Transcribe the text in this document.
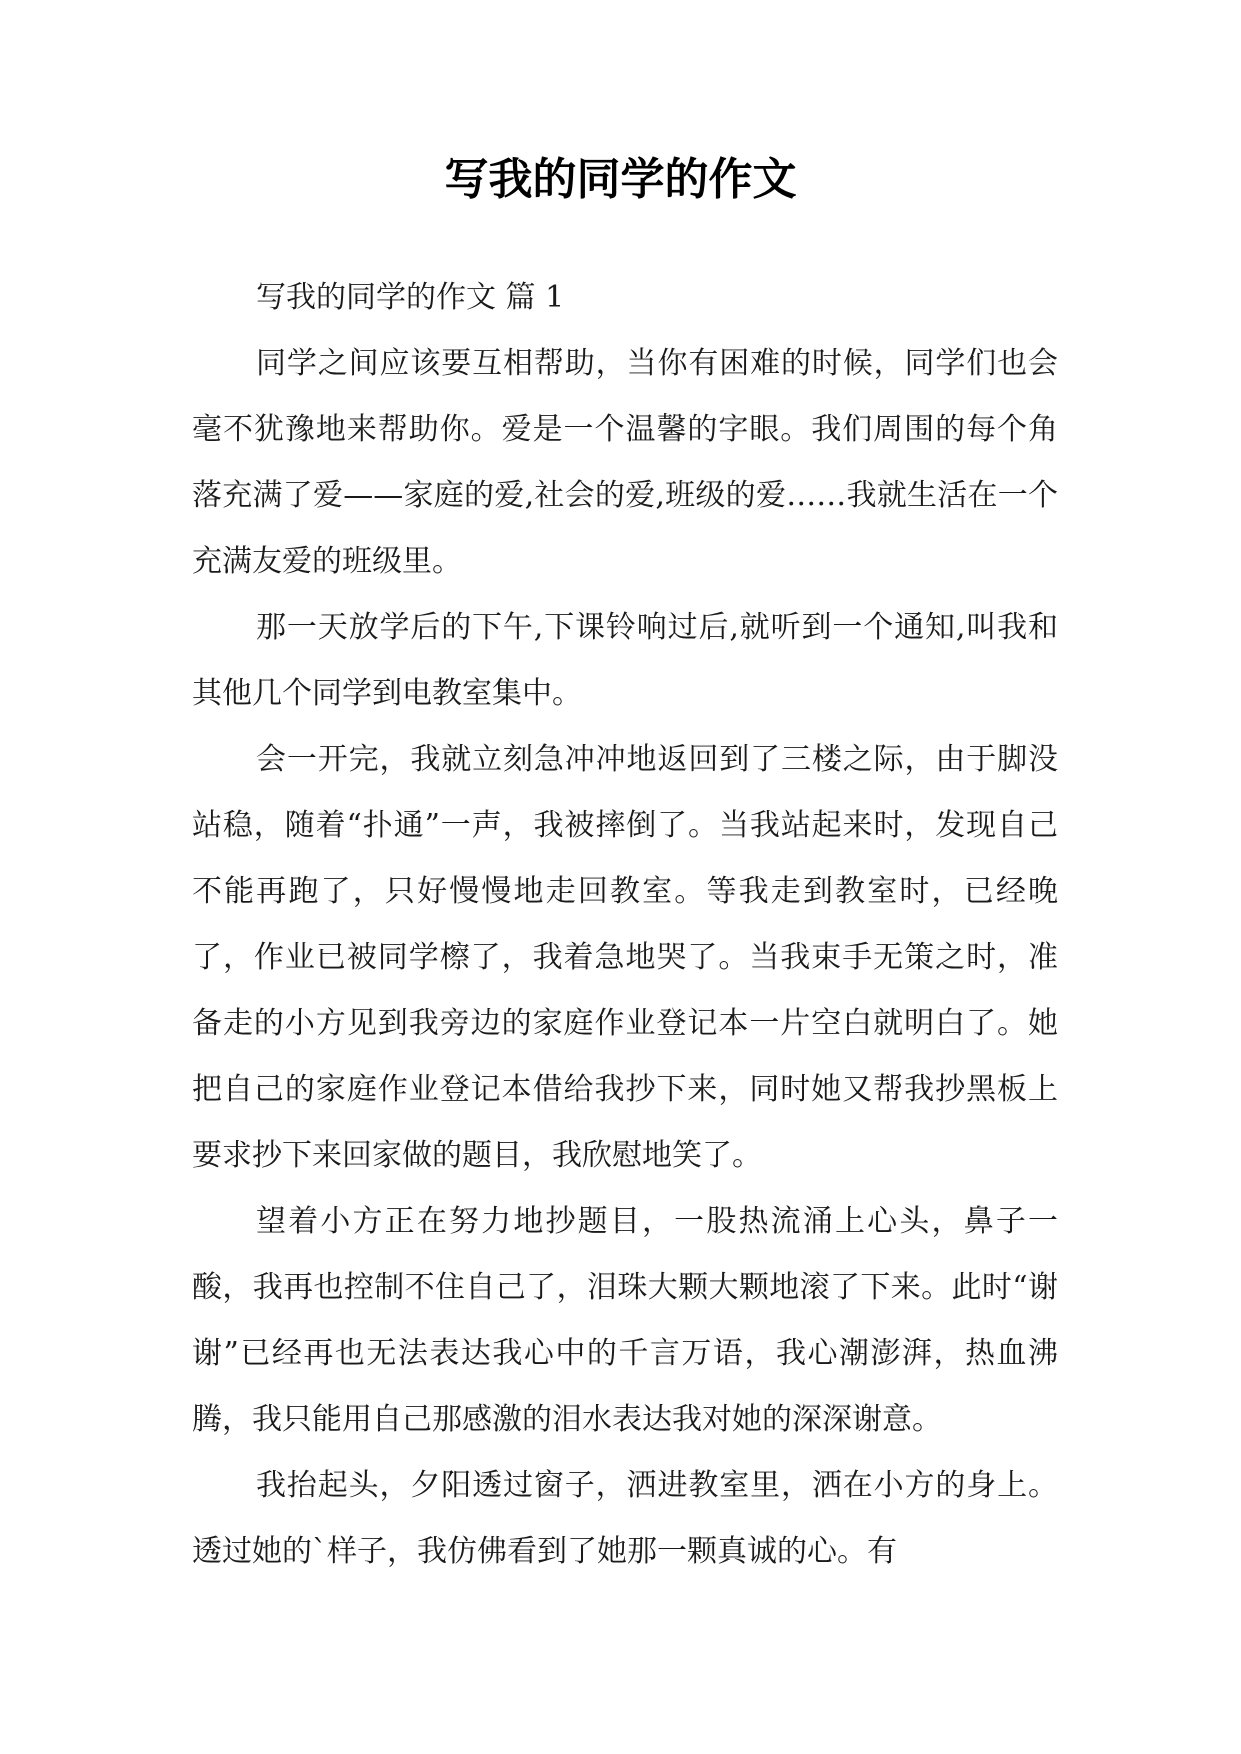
写我的同学的作文

写我的同学的作文 篇 1

同学之间应该要互相帮助，当你有困难的时候，同学们也会毫不犹豫地来帮助你。爱是一个温馨的字眼。我们周围的每个角落充满了爱——家庭的爱,社会的爱,班级的爱……我就生活在一个充满友爱的班级里。

那一天放学后的下午,下课铃响过后,就听到一个通知,叫我和其他几个同学到电教室集中。

会一开完，我就立刻急冲冲地返回到了三楼之际，由于脚没站稳，随着“扑通”一声，我被摔倒了。当我站起来时，发现自己不能再跑了，只好慢慢地走回教室。等我走到教室时，已经晚了，作业已被同学檫了，我着急地哭了。当我束手无策之时，准备走的小方见到我旁边的家庭作业登记本一片空白就明白了。她把自己的家庭作业登记本借给我抄下来，同时她又帮我抄黑板上要求抄下来回家做的题目，我欣慰地笑了。

望着小方正在努力地抄题目，一股热流涌上心头，鼻子一酸，我再也控制不住自己了，泪珠大颗大颗地滚了下来。此时“谢谢”已经再也无法表达我心中的千言万语，我心潮澎湃，热血沸腾，我只能用自己那感激的泪水表达我对她的深深谢意。

我抬起头，夕阳透过窗子，洒进教室里，洒在小方的身上。透过她的`样子，我仿佛看到了她那一颗真诚的心。有
